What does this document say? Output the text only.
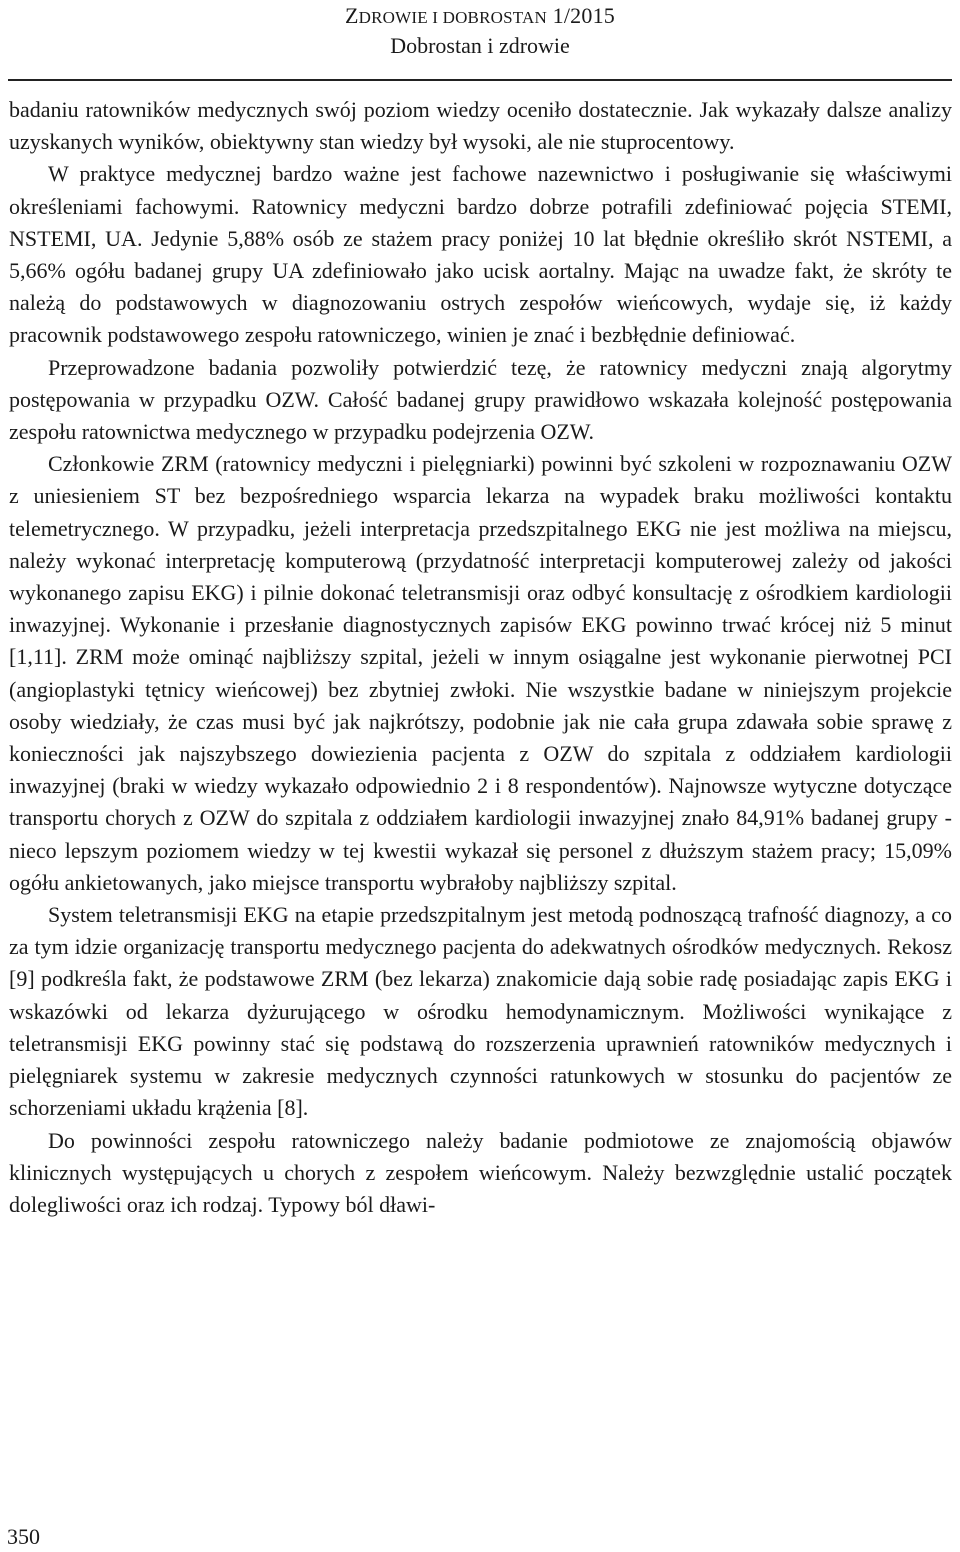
ZDROWIE I DOBROSTAN 1/2015
Dobrostan i zdrowie

badaniu ratowników medycznych swój poziom wiedzy oceniło dostatecznie. Jak wykazały dalsze analizy uzyskanych wyników, obiektywny stan wiedzy był wysoki, ale nie stuprocentowy.

W praktyce medycznej bardzo ważne jest fachowe nazewnictwo i posługiwanie się właściwymi określeniami fachowymi. Ratownicy medyczni bardzo dobrze potrafili zdefiniować pojęcia STEMI, NSTEMI, UA. Jedynie 5,88% osób ze stażem pracy poniżej 10 lat błędnie określiło skrót NSTEMI, a 5,66% ogółu badanej grupy UA zdefiniowało jako ucisk aortalny. Mając na uwadze fakt, że skróty te należą do podstawowych w diagnozowaniu ostrych zespołów wieńcowych, wydaje się, iż każdy pracownik podstawowego zespołu ratowniczego, winien je znać i bezbłędnie definiować.

Przeprowadzone badania pozwoliły potwierdzić tezę, że ratownicy medyczni znają algorytmy postępowania w przypadku OZW. Całość badanej grupy prawidłowo wskazała kolejność postępowania zespołu ratownictwa medycznego w przypadku podejrzenia OZW.

Członkowie ZRM (ratownicy medyczni i pielęgniarki) powinni być szkoleni w rozpoznawaniu OZW z uniesieniem ST bez bezpośredniego wsparcia lekarza na wypadek braku możliwości kontaktu telemetrycznego. W przypadku, jeżeli interpretacja przedszpitalnego EKG nie jest możliwa na miejscu, należy wykonać interpretację komputerową (przydatność interpretacji komputerowej zależy od jakości wykonanego zapisu EKG) i pilnie dokonać teletransmisji oraz odbyć konsultację z ośrodkiem kardiologii inwazyjnej. Wykonanie i przesłanie diagnostycznych zapisów EKG powinno trwać krócej niż 5 minut [1,11]. ZRM może ominąć najbliższy szpital, jeżeli w innym osiągalne jest wykonanie pierwotnej PCI (angioplastyki tętnicy wieńcowej) bez zbytniej zwłoki. Nie wszystkie badane w niniejszym projekcie osoby wiedziały, że czas musi być jak najkrótszy, podobnie jak nie cała grupa zdawała sobie sprawę z konieczności jak najszybszego dowiezienia pacjenta z OZW do szpitala z oddziałem kardiologii inwazyjnej (braki w wiedzy wykazało odpowiednio 2 i 8 respondentów). Najnowsze wytyczne dotyczące transportu chorych z OZW do szpitala z oddziałem kardiologii inwazyjnej znało 84,91% badanej grupy - nieco lepszym poziomem wiedzy w tej kwestii wykazał się personel z dłuższym stażem pracy; 15,09% ogółu ankietowanych, jako miejsce transportu wybrałoby najbliższy szpital.

System teletransmisji EKG na etapie przedszpitalnym jest metodą podnoszącą trafność diagnozy, a co za tym idzie organizację transportu medycznego pacjenta do adekwatnych ośrodków medycznych. Rekosz [9] podkreśla fakt, że podstawowe ZRM (bez lekarza) znakomicie dają sobie radę posiadając zapis EKG i wskazówki od lekarza dyżurującego w ośrodku hemodynamicznym. Możliwości wynikające z teletransmisji EKG powinny stać się podstawą do rozszerzenia uprawnień ratowników medycznych i pielęgniarek systemu w zakresie medycznych czynności ratunkowych w stosunku do pacjentów ze schorzeniami układu krążenia [8].

Do powinności zespołu ratowniczego należy badanie podmiotowe ze znajomością objawów klinicznych występujących u chorych z zespołem wieńcowym. Należy bezwzględnie ustalić początek dolegliwości oraz ich rodzaj. Typowy ból dławi-

350
